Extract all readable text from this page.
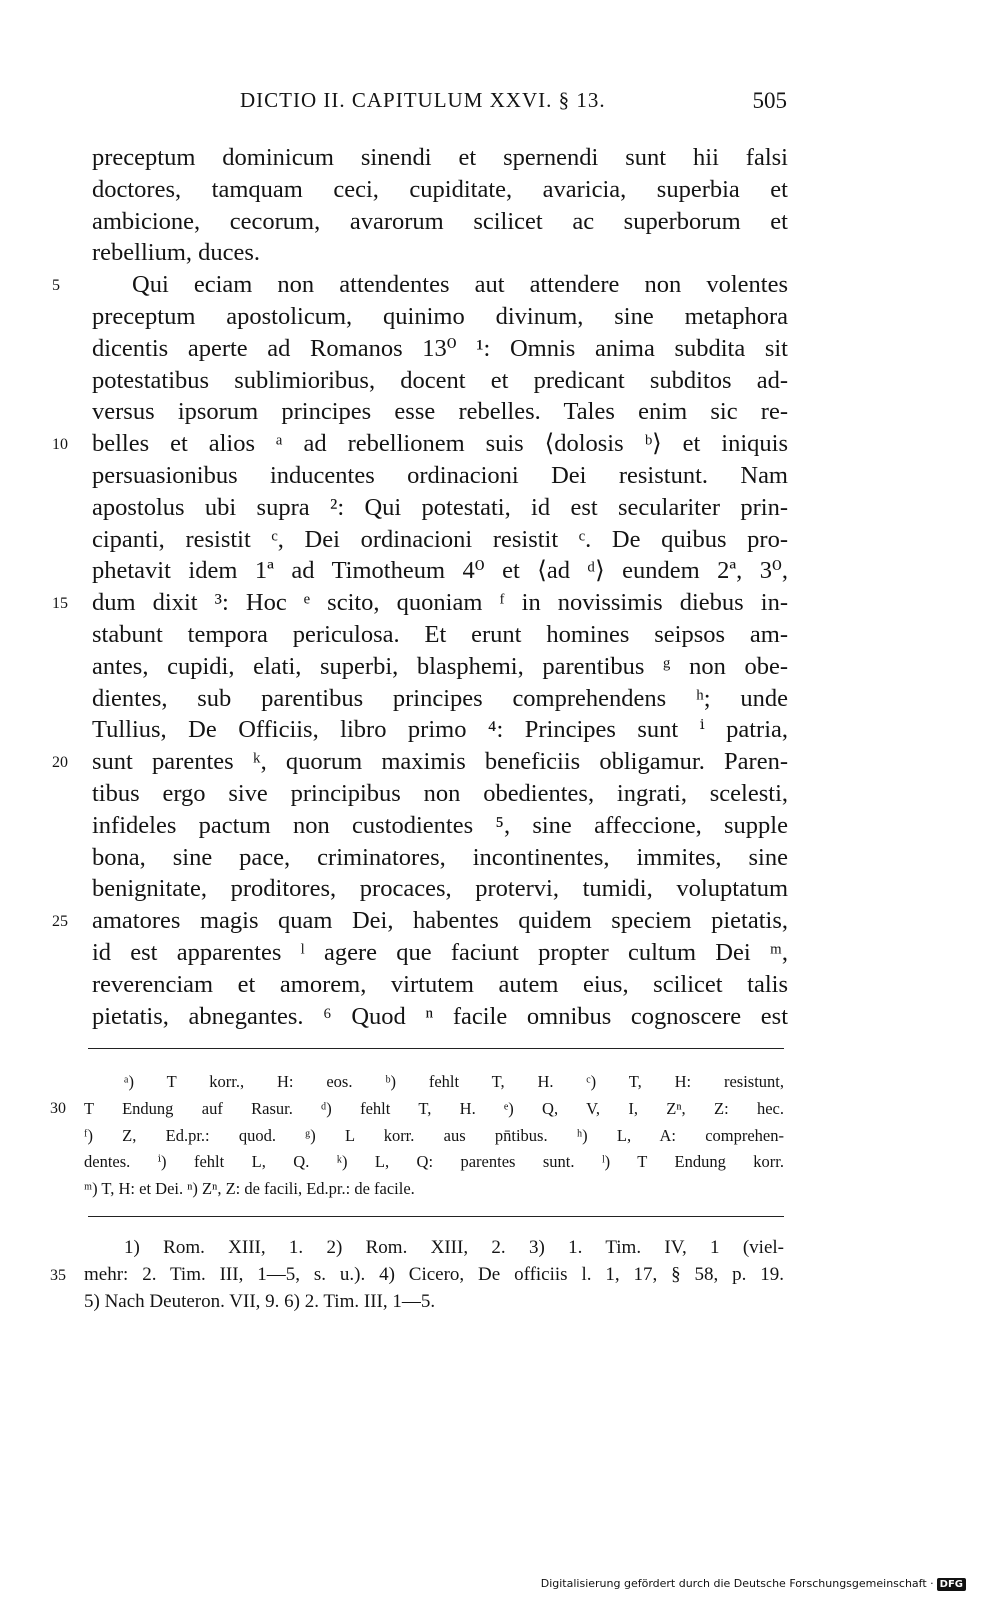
DICTIO II. CAPITULUM XXVI. § 13.	505
preceptum dominicum sinendi et spernendi sunt hii falsi
doctores, tamquam ceci, cupiditate, avaricia, superbia et
ambicione, cecorum, avarorum scilicet ac superborum et
rebellium, duces.
Qui eciam non attendentes aut attendere non volentes
5
preceptum apostolicum, quinimo divinum, sine metaphora
dicentis aperte ad Romanos 13⁰ ¹: Omnis anima subdita sit
potestatibus sublimioribus, docent et predicant subditos ad-
versus ipsorum principes esse rebelles. Tales enim sic re-
belles et alios ᵃ ad rebellionem suis ⟨dolosis ᵇ⟩ et iniquis
10
persuasionibus inducentes ordinacioni Dei resistunt. Nam
apostolus ubi supra ²: Qui potestati, id est seculariter prin-
cipanti, resistit ᶜ, Dei ordinacioni resistit ᶜ. De quibus pro-
phetavit idem 1ª ad Timotheum 4⁰ et ⟨ad ᵈ⟩ eundem 2ª, 3⁰,
dum dixit ³: Hoc ᵉ scito, quoniam ᶠ in novissimis diebus in-
15
stabunt tempora periculosa. Et erunt homines seipsos am-
antes, cupidi, elati, superbi, blasphemi, parentibus ᵍ non obe-
dientes, sub parentibus principes comprehendens ʰ; unde
Tullius, De Officiis, libro primo ⁴: Principes sunt ⁱ patria,
sunt parentes ᵏ, quorum maximis beneficiis obligamur. Paren-
20
tibus ergo sive principibus non obedientes, ingrati, scelesti,
infideles pactum non custodientes ⁵, sine affeccione, supple
bona, sine pace, criminatores, incontinentes, immites, sine
benignitate, proditores, procaces, protervi, tumidi, voluptatum
amatores magis quam Dei, habentes quidem speciem pietatis,
25
id est apparentes ˡ agere que faciunt propter cultum Dei ᵐ,
reverenciam et amorem, virtutem autem eius, scilicet talis
pietatis, abnegantes. ⁶ Quod ⁿ facile omnibus cognoscere est
ᵃ) T korr., H: eos. ᵇ) fehlt T, H. ᶜ) T, H: resistunt,
T Endung auf Rasur. ᵈ) fehlt T, H. ᵉ) Q, V, I, Zⁿ, Z: hec.
30
ᶠ) Z, Ed.pr.: quod. ᵍ) L korr. aus pn̄tibus. ʰ) L, A: comprehen-
dentes. ⁱ) fehlt L, Q. ᵏ) L, Q: parentes sunt. ˡ) T Endung korr.
ᵐ) T, H: et Dei. ⁿ) Zⁿ, Z: de facili, Ed.pr.: de facile.
1) Rom. XIII, 1. 2) Rom. XIII, 2. 3) 1. Tim. IV, 1 (viel-
mehr: 2. Tim. III, 1—5, s. u.). 4) Cicero, De officiis l. 1, 17, § 58, p. 19.
35
5) Nach Deuteron. VII, 9. 6) 2. Tim. III, 1—5.
Digitalisierung gefördert durch die Deutsche Forschungsgemeinschaft · DFG
